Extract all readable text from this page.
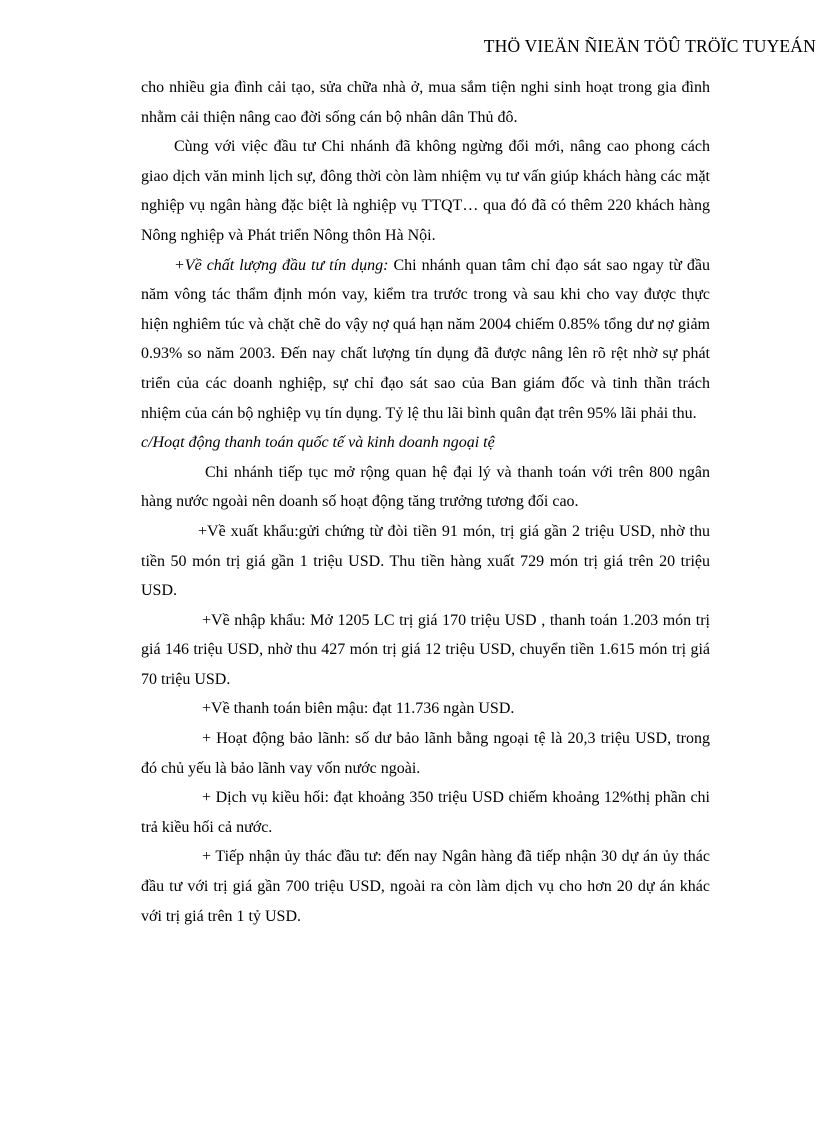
THÖ VIEÄN ÑIEÄN TÖÛ TRÖÏC TUYEÁN

cho nhiều gia đình cải tạo, sửa chữa nhà ở, mua sắm tiện nghi sinh hoạt trong gia đình nhằm cải thiện nâng cao đời sống cán bộ nhân dân Thủ đô.

Cùng với việc đầu tư Chi nhánh đã không ngừng đổi mới, nâng cao phong cách giao dịch văn minh lịch sự, đông thời còn làm nhiệm vụ tư vấn giúp khách hàng các mặt nghiệp vụ ngân hàng đặc biệt là nghiệp vụ TTQT… qua đó đã có thêm 220 khách hàng Nông nghiệp và Phát triển Nông thôn Hà Nội.

+Về chất lượng đầu tư tín dụng: Chi nhánh quan tâm chỉ đạo sát sao ngay từ đầu năm vông tác thẩm định món vay, kiểm tra trước trong và sau khi cho vay được thực hiện nghiêm túc và chặt chẽ do vậy nợ quá hạn năm 2004 chiếm 0.85% tổng dư nợ giảm 0.93% so năm 2003. Đến nay chất lượng tín dụng đã được nâng lên rõ rệt nhờ sự phát triển của các doanh nghiệp, sự chỉ đạo sát sao của Ban giám đốc và tinh thần trách nhiệm của cán bộ nghiệp vụ tín dụng. Tỷ lệ thu lãi bình quân đạt trên 95% lãi phải thu.

c/Hoạt động thanh toán quốc tế và kinh doanh ngoại tệ

Chi nhánh tiếp tục mở rộng quan hệ đại lý và thanh toán với trên 800 ngân hàng nước ngoài nên doanh số hoạt động tăng trưởng tương đối cao.

+Về xuất khẩu:gửi chứng từ đòi tiền 91 món, trị giá gần 2 triệu USD, nhờ thu tiền 50 món trị giá gần 1 triệu USD. Thu tiền hàng xuất 729 món trị giá trên 20 triệu USD.

+Về nhập khẩu: Mở 1205 LC trị giá 170 triệu USD , thanh toán 1.203 món trị giá 146 triệu USD, nhờ thu 427 món trị giá 12 triệu USD, chuyển tiền 1.615 món trị giá 70 triệu USD.

+Về thanh toán biên mậu: đạt 11.736 ngàn USD.

+ Hoạt động bảo lãnh: số dư bảo lãnh bằng ngoại tệ là 20,3 triệu USD, trong đó chủ yếu là bảo lãnh vay vốn nước ngoài.

+ Dịch vụ kiều hối: đạt khoảng 350 triệu USD chiếm khoảng 12%thị phần chi trả kiều hối cả nước.

+ Tiếp nhận ủy thác đầu tư: đến nay Ngân hàng đã tiếp nhận 30 dự án ủy thác đầu tư với trị giá gần 700 triệu USD, ngoài ra còn làm dịch vụ cho hơn 20 dự án khác với trị giá trên 1 tỷ USD.
